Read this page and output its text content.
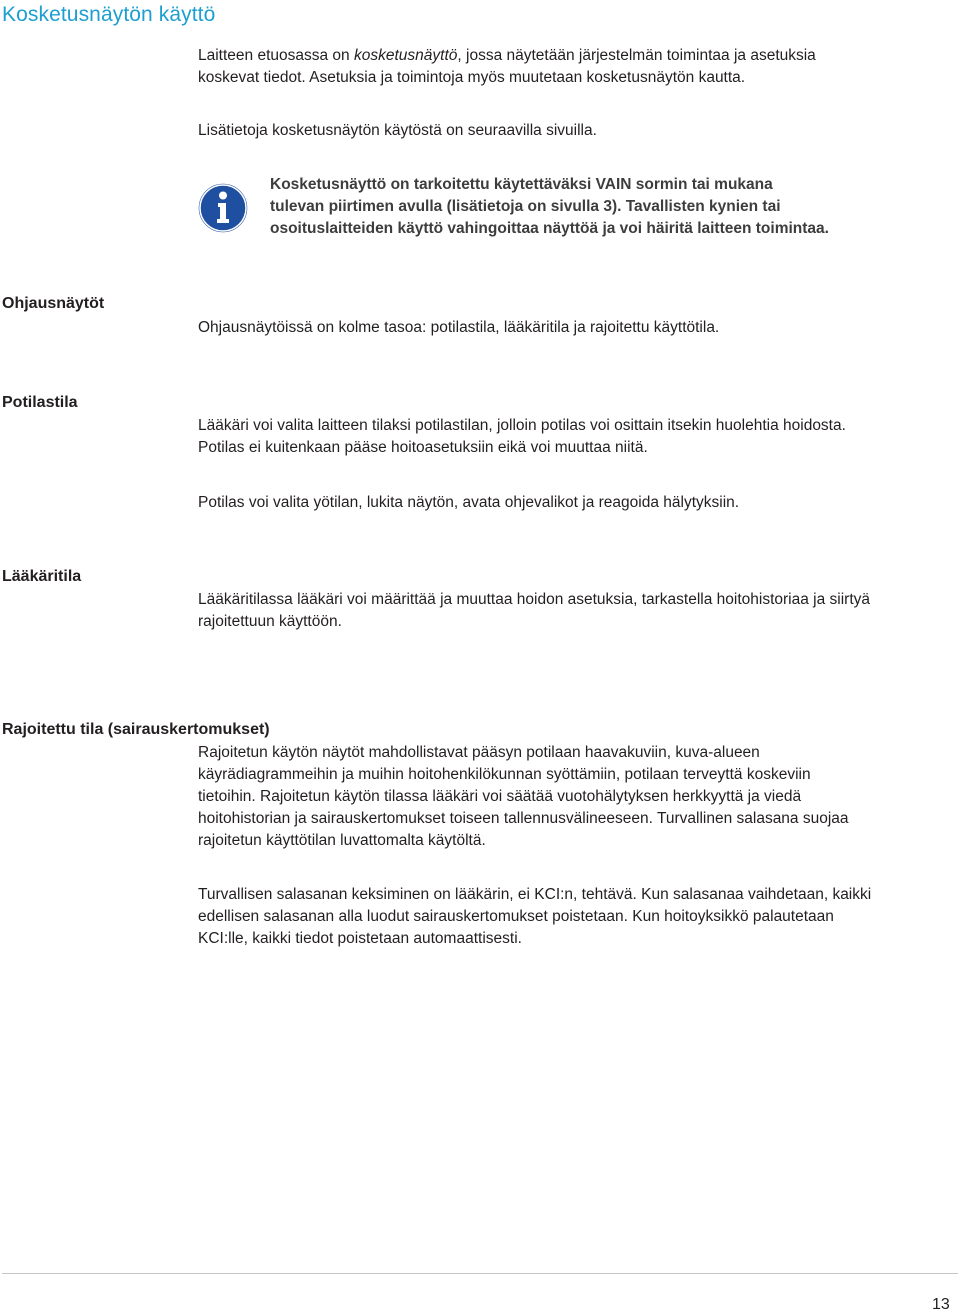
Kosketusnäytön käyttö

Laitteen etuosassa on kosketusnäyttö, jossa näytetään järjestelmän toimintaa ja asetuksia

koskevat tiedot. Asetuksia ja toimintoja myös muutetaan kosketusnäytön kautta.

Lisätietoja kosketusnäytön käytöstä on seuraavilla sivuilla.
Kosketusnäyttö on tarkoitettu käytettäväksi VAIN sormin tai mukana
tulevan piirtimen avulla (lisätietoja on sivulla 3). Tavallisten kynien tai
osoituslaitteiden käyttö vahingoittaa näyttöä ja voi häiritä laitteen toimintaa.
Ohjausnäytöt
Ohjausnäytöissä on kolme tasoa: potilastila, lääkäritila ja rajoitettu käyttötila.
Potilastila
Lääkäri voi valita laitteen tilaksi potilastilan, jolloin potilas voi osittain itsekin huolehtia hoidosta.
Potilas ei kuitenkaan pääse hoitoasetuksiin eikä voi muuttaa niitä.
Potilas voi valita yötilan, lukita näytön, avata ohjevalikot ja reagoida hälytyksiin.
Lääkäritila
Lääkäritilassa lääkäri voi määrittää ja muuttaa hoidon asetuksia, tarkastella hoitohistoriaa ja siirtyä
rajoitettuun käyttöön.
Rajoitettu tila (sairauskertomukset)
Rajoitetun käytön näytöt mahdollistavat pääsyn potilaan haavakuviin, kuva-alueen
käyrädiagrammeihin ja muihin hoitohenkilökunnan syöttämiin, potilaan terveyttä koskeviin
tietoihin. Rajoitetun käytön tilassa lääkäri voi säätää vuotohälytyksen herkkyyttä ja viedä
hoitohistorian ja sairauskertomukset toiseen tallennusvälineeseen. Turvallinen salasana suojaa
rajoitetun käyttötilan luvattomalta käytöltä.
Turvallisen salasanan keksiminen on lääkärin, ei KCI:n, tehtävä. Kun salasanaa vaihdetaan, kaikki
edellisen salasanan alla luodut sairauskertomukset poistetaan. Kun hoitoyksikkö palautetaan
KCI:lle, kaikki tiedot poistetaan automaattisesti.
13
